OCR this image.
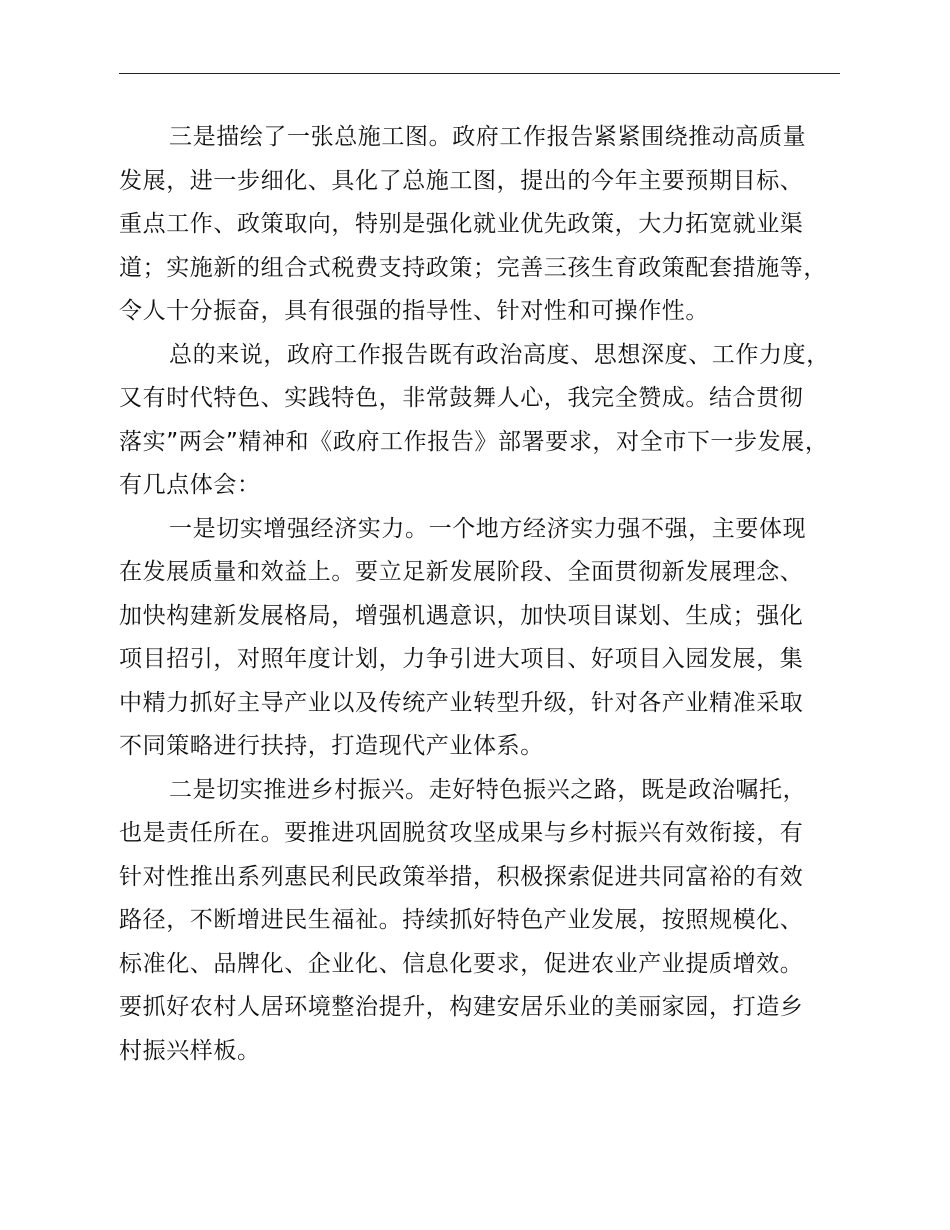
三是描绘了一张总施工图。政府工作报告紧紧围绕推动高质量
发展，进一步细化、具化了总施工图，提出的今年主要预期目标、
重点工作、政策取向，特别是强化就业优先政策，大力拓宽就业渠
道；实施新的组合式税费支持政策；完善三孩生育政策配套措施等，
令人十分振奋，具有很强的指导性、针对性和可操作性。
总的来说，政府工作报告既有政治高度、思想深度、工作力度，
又有时代特色、实践特色，非常鼓舞人心，我完全赞成。结合贯彻
落实”两会”精神和《政府工作报告》部署要求，对全市下一步发展，
有几点体会：
一是切实增强经济实力。一个地方经济实力强不强，主要体现
在发展质量和效益上。要立足新发展阶段、全面贯彻新发展理念、
加快构建新发展格局，增强机遇意识，加快项目谋划、生成；强化
项目招引，对照年度计划，力争引进大项目、好项目入园发展，集
中精力抓好主导产业以及传统产业转型升级，针对各产业精准采取
不同策略进行扶持，打造现代产业体系。
二是切实推进乡村振兴。走好特色振兴之路，既是政治嘱托，
也是责任所在。要推进巩固脱贫攻坚成果与乡村振兴有效衔接，有
针对性推出系列惠民利民政策举措，积极探索促进共同富裕的有效
路径，不断增进民生福祉。持续抓好特色产业发展，按照规模化、
标准化、品牌化、企业化、信息化要求，促进农业产业提质增效。
要抓好农村人居环境整治提升，构建安居乐业的美丽家园，打造乡
村振兴样板。
